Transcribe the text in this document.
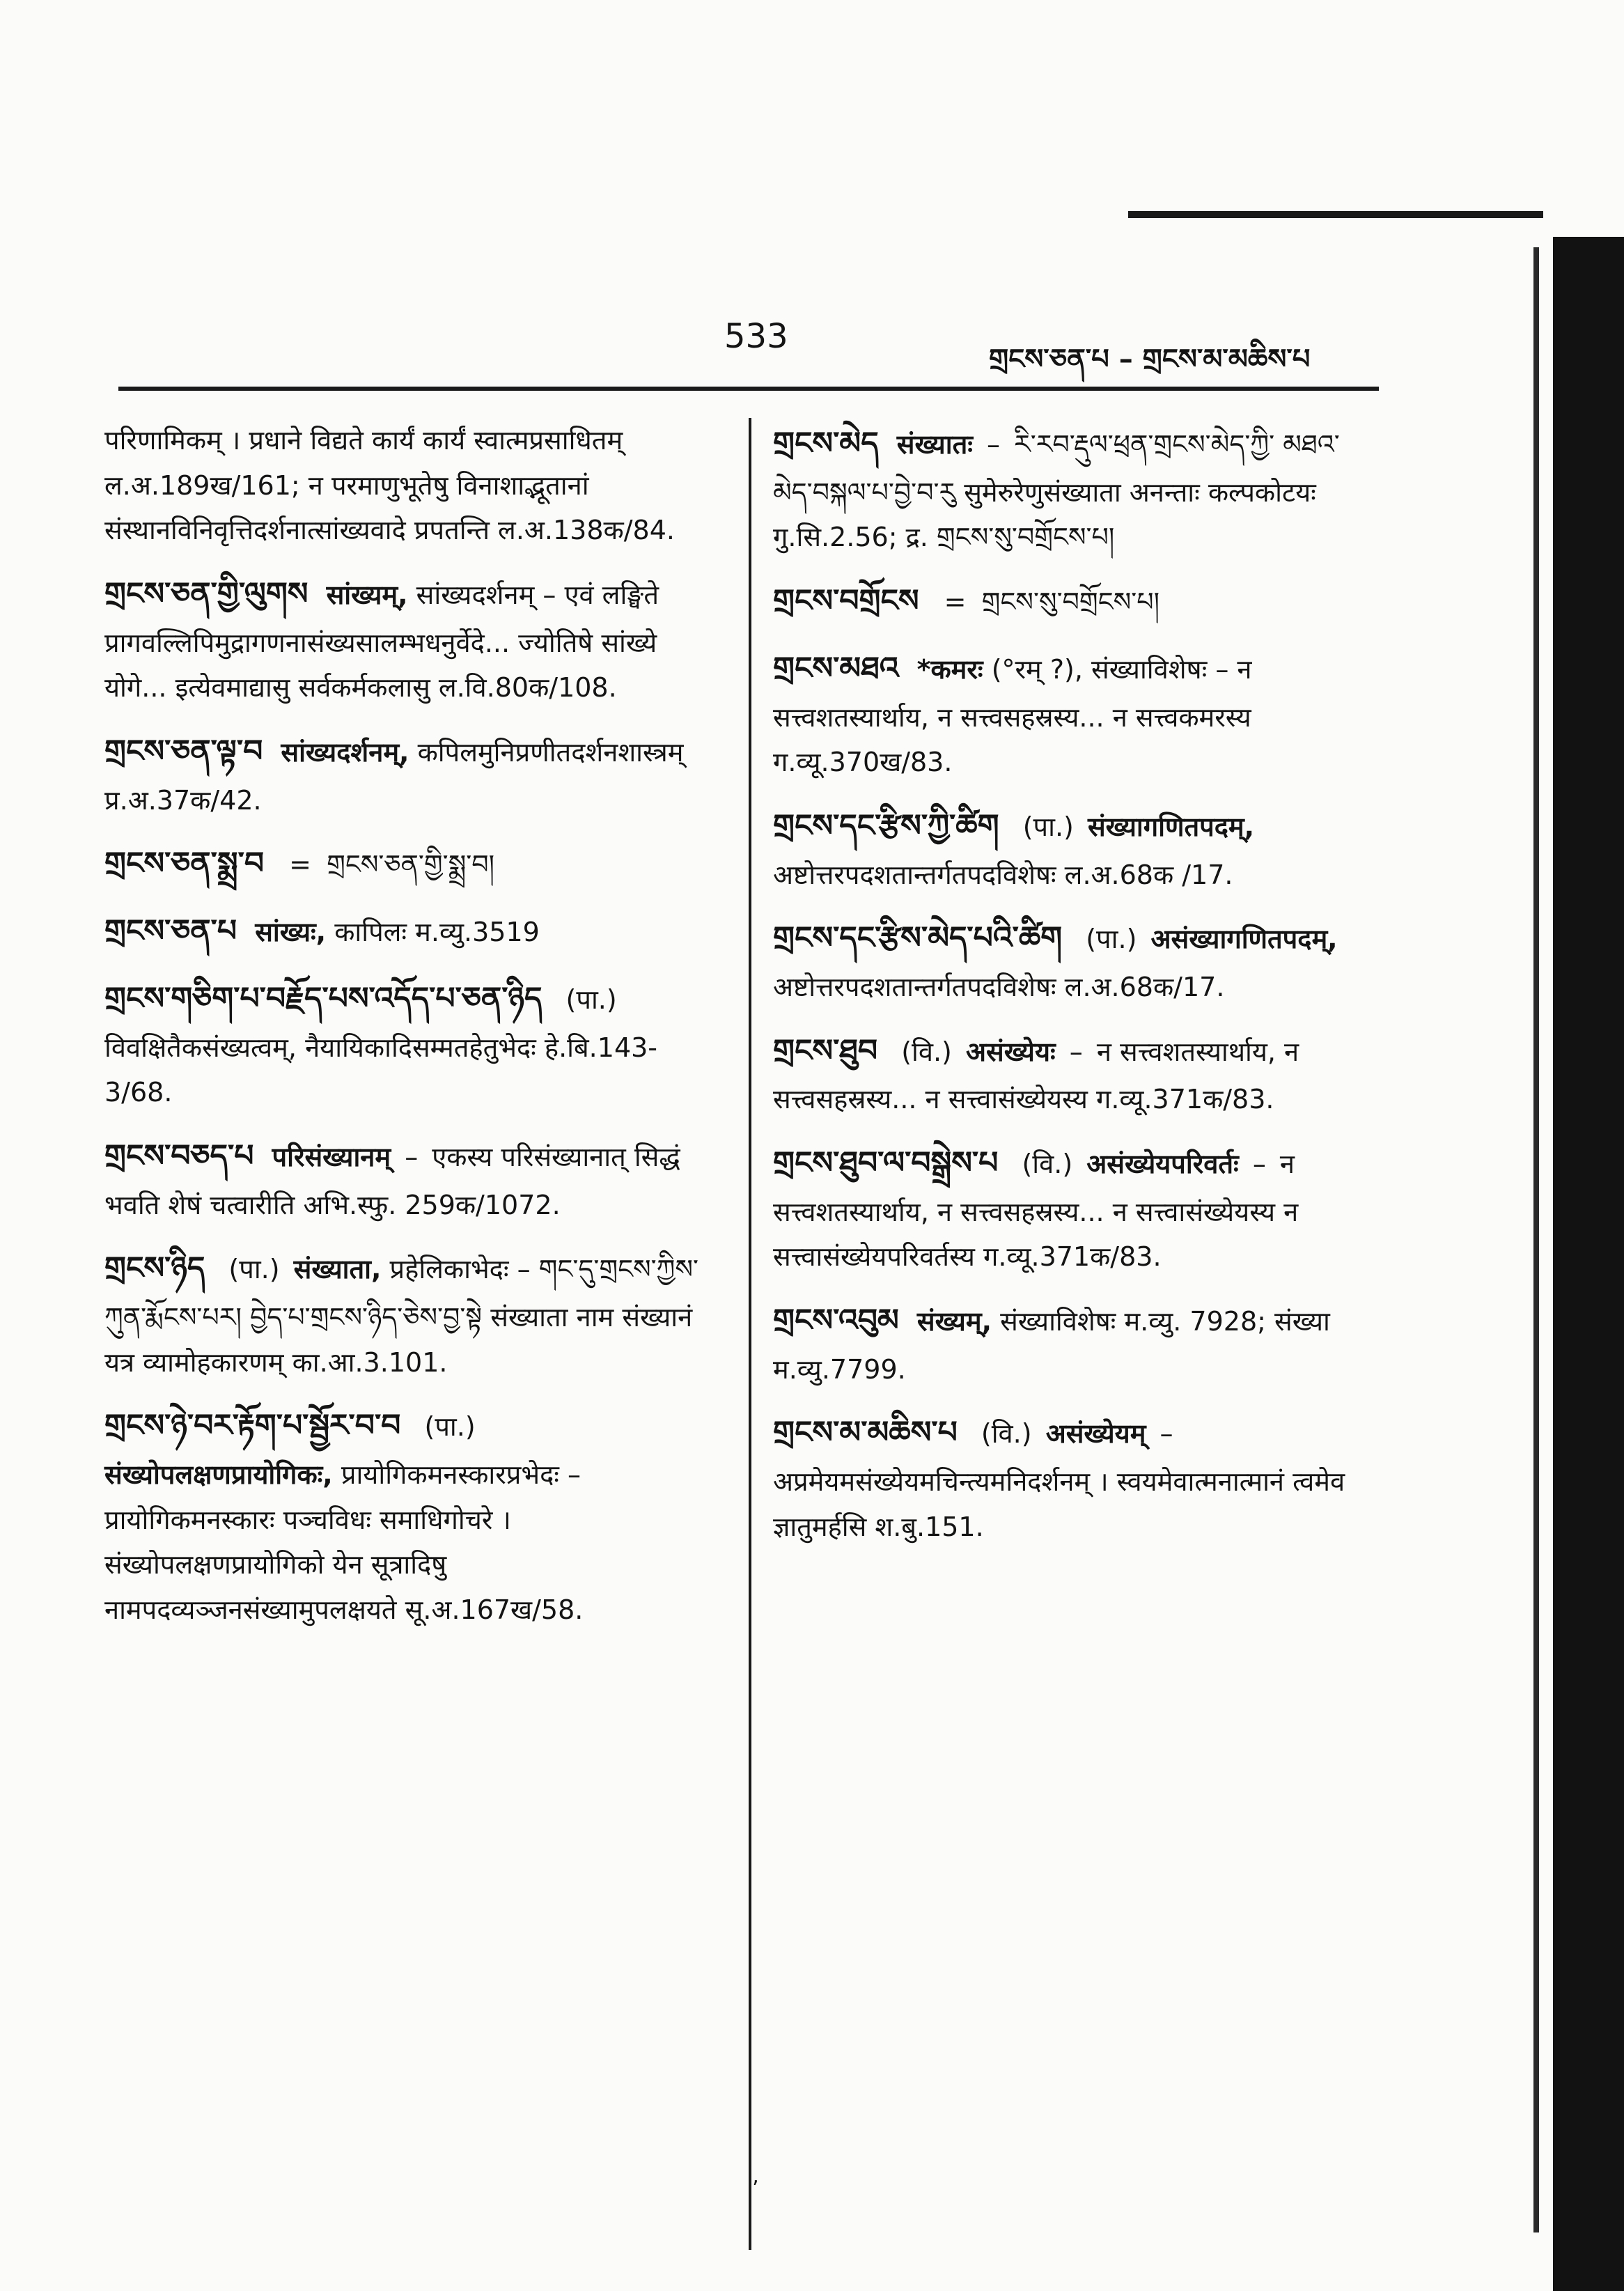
533
གྲངས་ཅན་པ – གྲངས་མ་མཆིས་པ
परिणामिकम् । प्रधाने विद्यते कार्यं कार्यं स्वात्मप्रसाधितम् ल.अ.189ख/161; न परमाणुभूतेषु विनाशाद्भूतानां संस्थानविनिवृत्तिदर्शनात्सांख्यवादे प्रपतन्ति ल.अ.138क/84.
གྲངས་ཅན་གྱི་ལུགས सांख्यम्, सांख्यदर्शनम् – एवं लङ्घिते प्रागवल्लिपिमुद्रागणनासंख्यसालम्भधनुर्वेदे... ज्योतिषे सांख्ये योगे... इत्येवमाद्यासु सर्वकर्मकलासु ल.वि.80क/108.
གྲངས་ཅན་ལྟ་བ सांख्यदर्शनम्, कपिलमुनिप्रणीतदर्शनशास्त्रम् प्र.अ.37क/42.
གྲངས་ཅན་སྨྲ་བ = གྲངས་ཅན་གྱི་སྨྲ་བ།
གྲངས་ཅན་པ सांख्यः, कापिलः म.व्यु.3519
གྲངས་གཅིག་པ་བརྗོད་པས་འདོད་པ་ཅན་ཉིད (पा.) विवक्षितैकसंख्यत्वम्, नैयायिकादिसम्मतहेतुभेदः हे.बि.143-3/68.
གྲངས་བཅད་པ परिसंख्यानम् – एकस्य परिसंख्यानात् सिद्धं भवति शेषं चत्वारीति अभि.स्फु. 259क/1072.
གྲངས་ཉིད (पा.) संख्याता, प्रहेलिकाभेदः – གང་དུ་གྲངས་ཀྱིས་ཀུན་རྨོངས་པར། བྱེད་པ་གྲངས་ཉིད་ཅེས་བྱ་སྟེ संख्याता नाम संख्यानं यत्र व्यामोहकारणम् का.आ.3.101.
གྲངས་ཉེ་བར་རྟོག་པ་སྦྱོར་བ་བ (पा.) संख्योपलक्षणप्रायोगिकः, प्रायोगिकमनस्कारप्रभेदः – प्रायोगिकमनस्कारः पञ्चविधः समाधिगोचरे । संख्योपलक्षणप्रायोगिको येन सूत्रादिषु नामपदव्यञ्जनसंख्यामुपलक्षयते सू.अ.167ख/58.
གྲངས་མེད संख्यातः – རི་རབ་རྡུལ་ཕྲན་གྲངས་མེད་ཀྱི་ མཐའ་མེད་བསྐལ་པ་བྱེ་བ་རུ सुमेरुरेणुसंख्याता अनन्ताः कल्पकोटयः गु.सि.2.56; द्र. གྲངས་སུ་བགྲོངས་པ།
གྲངས་བགྲོངས = གྲངས་སུ་བགྲོངས་པ།
གྲངས་མཐའ *कमरः (°रम् ?), संख्याविशेषः – न सत्त्वशतस्यार्थाय, न सत्त्वसहस्रस्य... न सत्त्वकमरस्य ग.व्यू.370ख/83.
གྲངས་དང་རྩིས་ཀྱི་ཚིག (पा.) संख्यागणितपदम्, अष्टोत्तरपदशतान्तर्गतपदविशेषः ल.अ.68क /17.
གྲངས་དང་རྩིས་མེད་པའི་ཚིག (पा.) असंख्यागणितपदम्, अष्टोत्तरपदशतान्तर्गतपदविशेषः ल.अ.68क/17.
གྲངས་ཐུབ (वि.) असंख्येयः – न सत्त्वशतस्यार्थाय, न सत्त्वसहस्रस्य... न सत्त्वासंख्येयस्य ग.व्यू.371क/83.
གྲངས་ཐུབ་ལ་བསྒྲེས་པ (वि.) असंख्येयपरिवर्तः – न सत्त्वशतस्यार्थाय, न सत्त्वसहस्रस्य... न सत्त्वासंख्येयस्य न सत्त्वासंख्येयपरिवर्तस्य ग.व्यू.371क/83.
གྲངས་འབུམ संख्यम्, संख्याविशेषः म.व्यु. 7928; संख्या म.व्यु.7799.
གྲངས་མ་མཆིས་པ (वि.) असंख्येयम् – अप्रमेयमसंख्येयमचिन्त्यमनिदर्शनम् । स्वयमेवात्मनात्मानं त्वमेव ज्ञातुमर्हसि श.बु.151.
ʼ
